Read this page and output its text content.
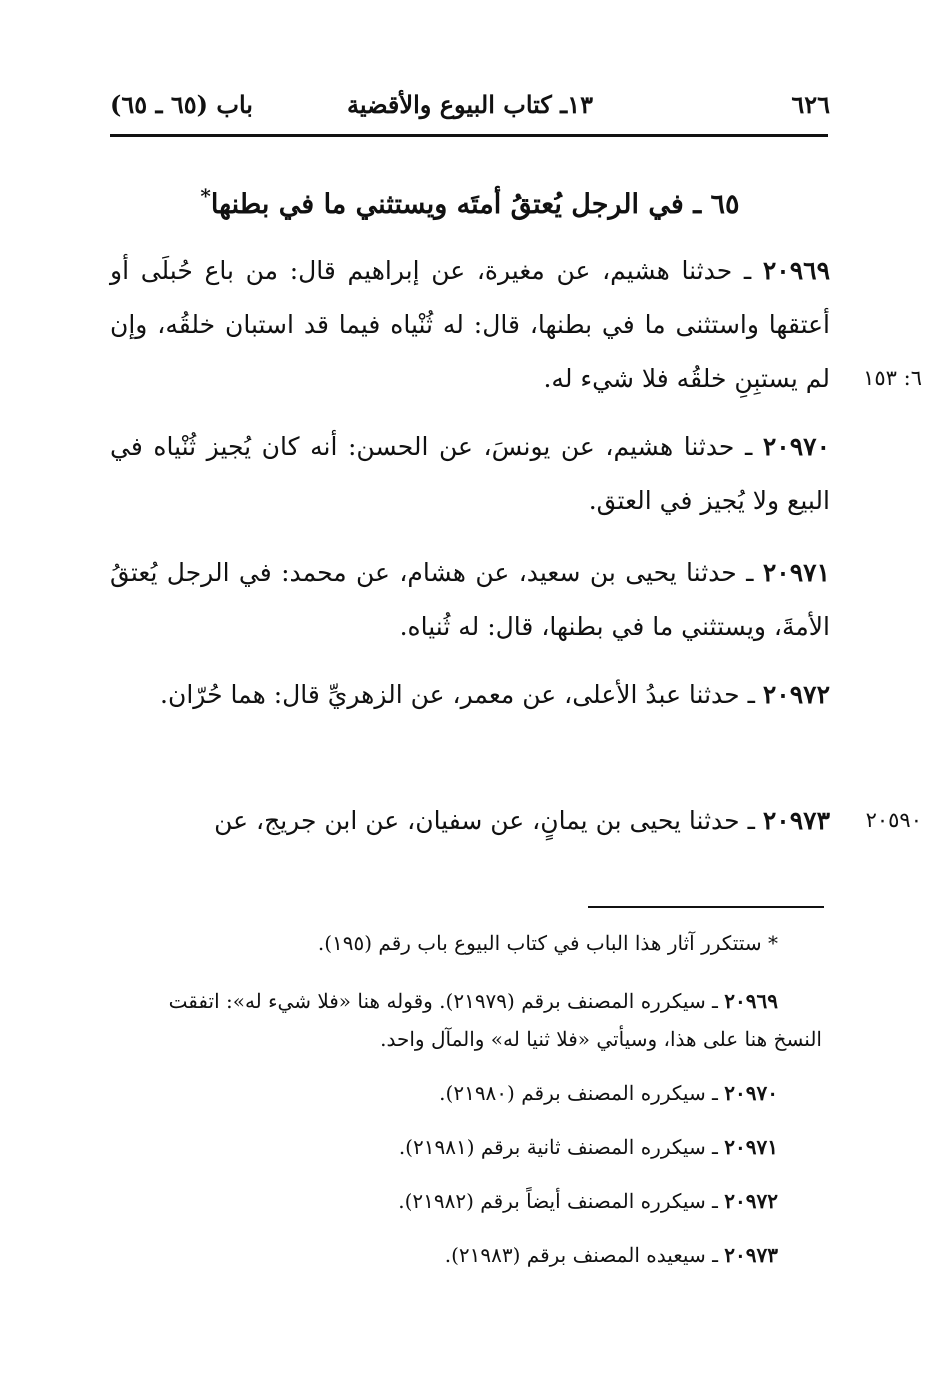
٦٢٦
١٣ـ كتاب البيوع والأقضية
باب (٦٥ ـ ٦٥)
٦٥ ـ في الرجل يُعتقُ أمتَه ويستثني ما في بطنها*
٢٠٩٦٩ ـ حدثنا هشيم، عن مغيرة، عن إبراهيم قال: من باع حُبلَى أو أعتقها واستثنى ما في بطنها، قال: له ثُنْياه فيما قد استبان خلقُه، وإن لم يستبِنِ خلقُه فلا شيء له.	٦: ١٥٣
٢٠٩٧٠ ـ حدثنا هشيم، عن يونسَ، عن الحسن: أنه كان يُجيز ثُنْياه في البيع ولا يُجيز في العتق.
٢٠٩٧١ ـ حدثنا يحيى بن سعيد، عن هشام، عن محمد: في الرجل يُعتقُ الأمةَ، ويستثني ما في بطنها، قال: له ثُنياه.
٢٠٩٧٢ ـ حدثنا عبدُ الأعلى، عن معمر، عن الزهريِّ قال: هما حُرّان.
٢٠٩٧٣ ـ حدثنا يحيى بن يمانٍ، عن سفيان، عن ابن جريج، عن	٢٠٥٩٠
* ستتكرر آثار هذا الباب في كتاب البيوع باب رقم (١٩٥).
٢٠٩٦٩ ـ سيكرره المصنف برقم (٢١٩٧٩). وقوله هنا «فلا شيء له»: اتفقت
النسخ هنا على هذا، وسيأتي «فلا ثنيا له» والمآل واحد.
٢٠٩٧٠ ـ سيكرره المصنف برقم (٢١٩٨٠).
٢٠٩٧١ ـ سيكرره المصنف ثانية برقم (٢١٩٨١).
٢٠٩٧٢ ـ سيكرره المصنف أيضاً برقم (٢١٩٨٢).
٢٠٩٧٣ ـ سيعيده المصنف برقم (٢١٩٨٣).
